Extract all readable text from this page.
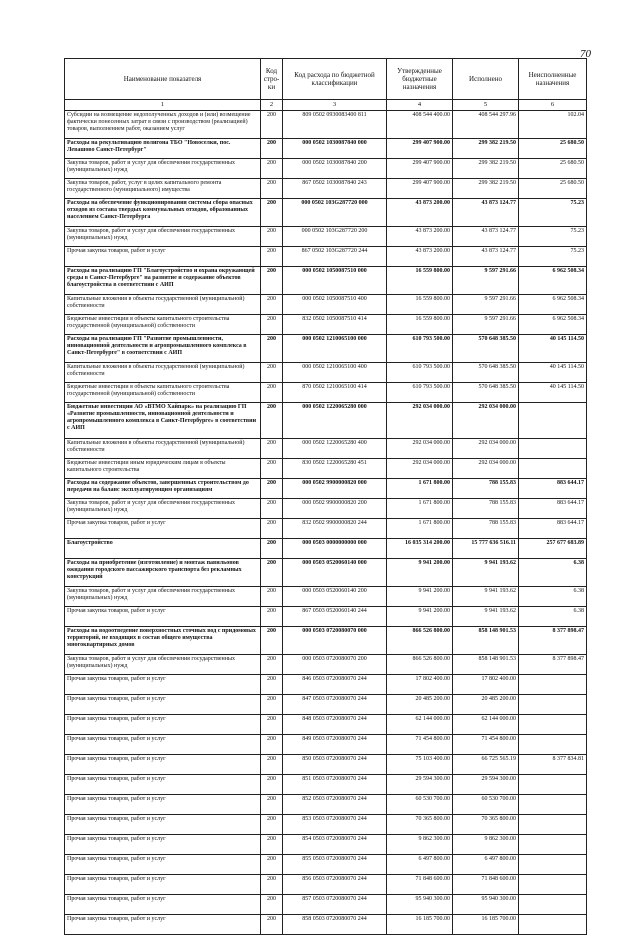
70
Наименование показателя	Код стро-ки	Код расхода по бюджетной классификации	Утвержденные бюджетные назначения	Исполнено	Неисполненные назначения
1	2	3	4	5	6
Субсидии на возмещение недополученных доходов и (или) возмещение фактически понесенных затрат в связи с производством (реализацией) товаров, выполнением работ, оказанием услуг	200	809 0502 0930083400 811	408 544 400.00	408 544 297.96	102.04
Расходы на рекультивацию полигона ТБО "Новоселки, пос. Левашово Санкт-Петербург"	200	000 0502 1030087840 000	299 407 900.00	299 382 219.50	25 680.50
Закупка товаров, работ и услуг для обеспечения государственных (муниципальных) нужд	200	000 0502 1030087840 200	299 407 900.00	299 382 219.50	25 680.50
Закупка товаров, работ, услуг в целях капитального ремонта государственного (муниципального) имущества	200	867 0502 1030087840 243	299 407 900.00	299 382 219.50	25 680.50
Расходы на обеспечение функционирования системы сбора опасных отходов из состава твердых коммунальных отходов, образованных населением Санкт-Петербурга	200	000 0502 103G287720 000	43 873 200.00	43 873 124.77	75.23
Закупка товаров, работ и услуг для обеспечения государственных (муниципальных) нужд	200	000 0502 103G287720 200	43 873 200.00	43 873 124.77	75.23
Прочая закупка товаров, работ и услуг	200	867 0502 103G287720 244	43 873 200.00	43 873 124.77	75.23
Расходы на реализацию ГП "Благоустройство и охрана окружающей среды в Санкт-Петербурге" на развитие и содержание объектов благоустройства в соответствии с АИП	200	000 0502 1050087510 000	16 559 800.00	9 597 291.66	6 962 508.34
Капитальные вложения в объекты государственной (муниципальной) собственности	200	000 0502 1050087510 400	16 559 800.00	9 597 291.66	6 962 508.34
Бюджетные инвестиции в объекты капитального строительства государственной (муниципальной) собственности	200	832 0502 1050087510 414	16 559 800.00	9 597 291.66	6 962 508.34
Расходы на реализацию ГП "Развитие промышленности, инновационной деятельности и агропромышленного комплекса в Санкт-Петербурге" в соответствии с АИП	200	000 0502 1210065100 000	610 793 500.00	570 648 385.50	40 145 114.50
Капитальные вложения в объекты государственной (муниципальной) собственности	200	000 0502 1210065100 400	610 793 500.00	570 648 385.50	40 145 114.50
Бюджетные инвестиции в объекты капитального строительства государственной (муниципальной) собственности	200	870 0502 1210065100 414	610 793 500.00	570 648 385.50	40 145 114.50
Бюджетные инвестиции АО «ВТМО Хайпарк» на реализацию ГП «Развитие промышленности, инновационной деятельности и агропромышленного комплекса в Санкт-Петербурге» в соответствии с АИП	200	000 0502 1220065280 000	292 034 000.00	292 034 000.00	
Капитальные вложения в объекты государственной (муниципальной) собственности	200	000 0502 1220065280 400	292 034 000.00	292 034 000.00	
Бюджетные инвестиции иным юридическим лицам в объекты капитального строительства	200	830 0502 1220065280 451	292 034 000.00	292 034 000.00	
Расходы на содержание объектов, завершенных строительством до передачи на баланс эксплуатирующим организациям	200	000 0502 9900000820 000	1 671 800.00	788 155.83	883 644.17
Закупка товаров, работ и услуг для обеспечения государственных (муниципальных) нужд	200	000 0502 9900000820 200	1 671 800.00	788 155.83	883 644.17
Прочая закупка товаров, работ и услуг	200	832 0502 9900000820 244	1 671 800.00	788 155.83	883 644.17
Благоустройство	200	000 0503 0000000000 000	16 035 314 200.00	15 777 636 516.11	257 677 683.89
Расходы на приобретение (изготовление) и монтаж павильонов ожидания городского пассажирского транспорта без рекламных конструкций	200	000 0503 0520060140 000	9 941 200.00	9 941 193.62	6.38
Закупка товаров, работ и услуг для обеспечения государственных (муниципальных) нужд	200	000 0503 0520060140 200	9 941 200.00	9 941 193.62	6.38
Прочая закупка товаров, работ и услуг	200	867 0503 0520060140 244	9 941 200.00	9 941 193.62	6.38
Расходы на водоотведение поверхностных сточных вод с придомовых территорий, не входящих в состав общего имущества многоквартирных домов	200	000 0503 0720080070 000	866 526 800.00	858 148 901.53	8 377 898.47
Закупка товаров, работ и услуг для обеспечения государственных (муниципальных) нужд	200	000 0503 0720080070 200	866 526 800.00	858 148 901.53	8 377 898.47
Прочая закупка товаров, работ и услуг	200	846 0503 0720080070 244	17 802 400.00	17 802 400.00	
Прочая закупка товаров, работ и услуг	200	847 0503 0720080070 244	20 485 200.00	20 485 200.00	
Прочая закупка товаров, работ и услуг	200	848 0503 0720080070 244	62 144 000.00	62 144 000.00	
Прочая закупка товаров, работ и услуг	200	849 0503 0720080070 244	71 454 800.00	71 454 800.00	
Прочая закупка товаров, работ и услуг	200	850 0503 0720080070 244	75 103 400.00	66 725 565.19	8 377 834.81
Прочая закупка товаров, работ и услуг	200	851 0503 0720080070 244	29 594 300.00	29 594 300.00	
Прочая закупка товаров, работ и услуг	200	852 0503 0720080070 244	60 530 700.00	60 530 700.00	
Прочая закупка товаров, работ и услуг	200	853 0503 0720080070 244	70 365 800.00	70 365 800.00	
Прочая закупка товаров, работ и услуг	200	854 0503 0720080070 244	9 862 300.00	9 862 300.00	
Прочая закупка товаров, работ и услуг	200	855 0503 0720080070 244	6 497 800.00	6 497 800.00	
Прочая закупка товаров, работ и услуг	200	856 0503 0720080070 244	71 848 600.00	71 848 600.00	
Прочая закупка товаров, работ и услуг	200	857 0503 0720080070 244	95 940 300.00	95 940 300.00	
Прочая закупка товаров, работ и услуг	200	858 0503 0720080070 244	16 185 700.00	16 185 700.00	
